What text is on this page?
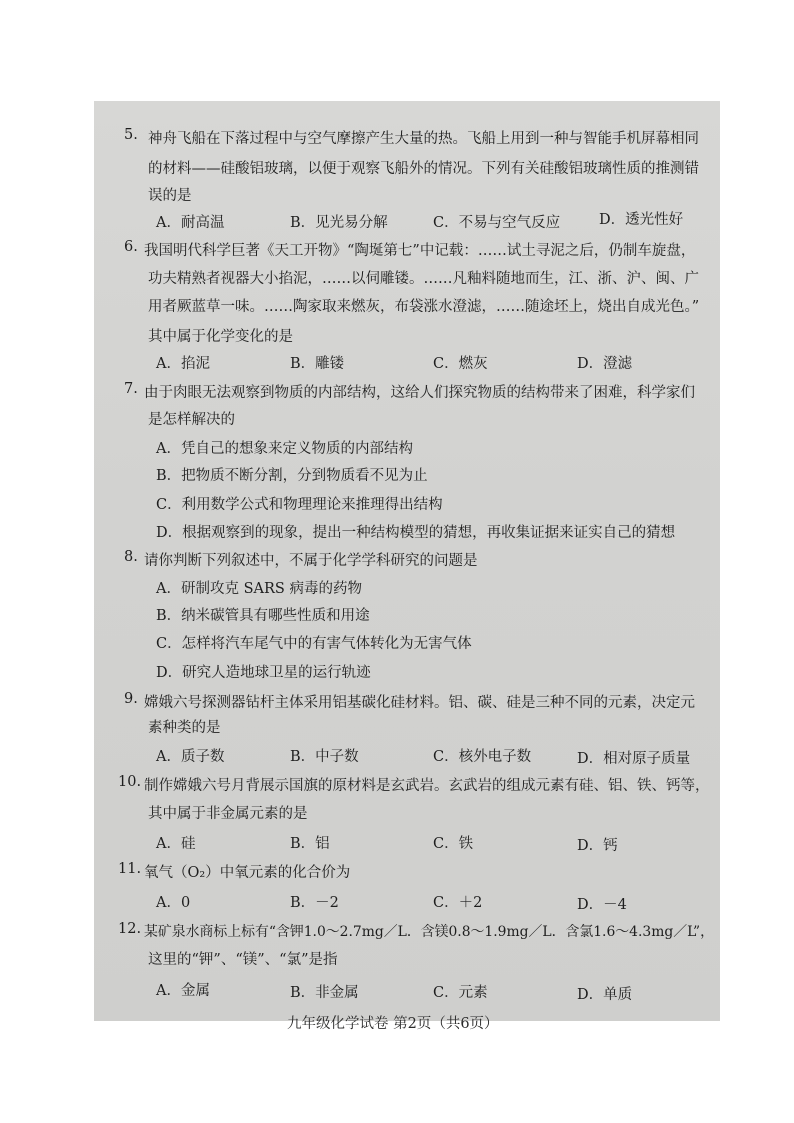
5. 神舟飞船在下落过程中与空气摩擦产生大量的热。飞船上用到一种与智能手机屏幕相同
的材料——硅酸铝玻璃，以便于观察飞船外的情况。下列有关硅酸铝玻璃性质的推测错
误的是
A．耐高温	B．见光易分解	C．不易与空气反应	D．透光性好
6. 我国明代科学巨著《天工开物》“陶埏第七”中记载：……试土寻泥之后，仍制车旋盘，
功夫精熟者视器大小掐泥，……以伺雕镂。……凡釉料随地而生，江、浙、沪、闽、广
用者厥蓝草一味。……陶家取来燃灰，布袋涨水澄滤，……随途坯上，烧出自成光色。”
其中属于化学变化的是
A．掐泥	B．雕镂	C．燃灰	D．澄滤
7. 由于肉眼无法观察到物质的内部结构，这给人们探究物质的结构带来了困难，科学家们
是怎样解决的
A．凭自己的想象来定义物质的内部结构
B．把物质不断分割，分到物质看不见为止
C．利用数学公式和物理理论来推理得出结构
D．根据观察到的现象，提出一种结构模型的猜想，再收集证据来证实自己的猜想
8. 请你判断下列叙述中，不属于化学学科研究的问题是
A．研制攻克 SARS 病毒的药物
B．纳米碳管具有哪些性质和用途
C．怎样将汽车尾气中的有害气体转化为无害气体
D．研究人造地球卫星的运行轨迹
9. 嫦娥六号探测器钻杆主体采用铝基碳化硅材料。铝、碳、硅是三种不同的元素，决定元
素种类的是
A．质子数	B．中子数	C．核外电子数	D．相对原子质量
10. 制作嫦娥六号月背展示国旗的原材料是玄武岩。玄武岩的组成元素有硅、铝、铁、钙等，
其中属于非金属元素的是
A．硅	B．铝	C．铁	D．钙
11. 氧气（O₂）中氧元素的化合价为
A．0	B．－2	C．＋2	D．－4
12. 某矿泉水商标上标有“含钾1.0～2.7mg／L．含镁0.8～1.9mg／L．含氯1.6～4.3mg／L”，
这里的“钾”、“镁”、“氯”是指
A．金属	B．非金属	C．元素	D．单质
九年级化学试卷 第2页（共6页）
